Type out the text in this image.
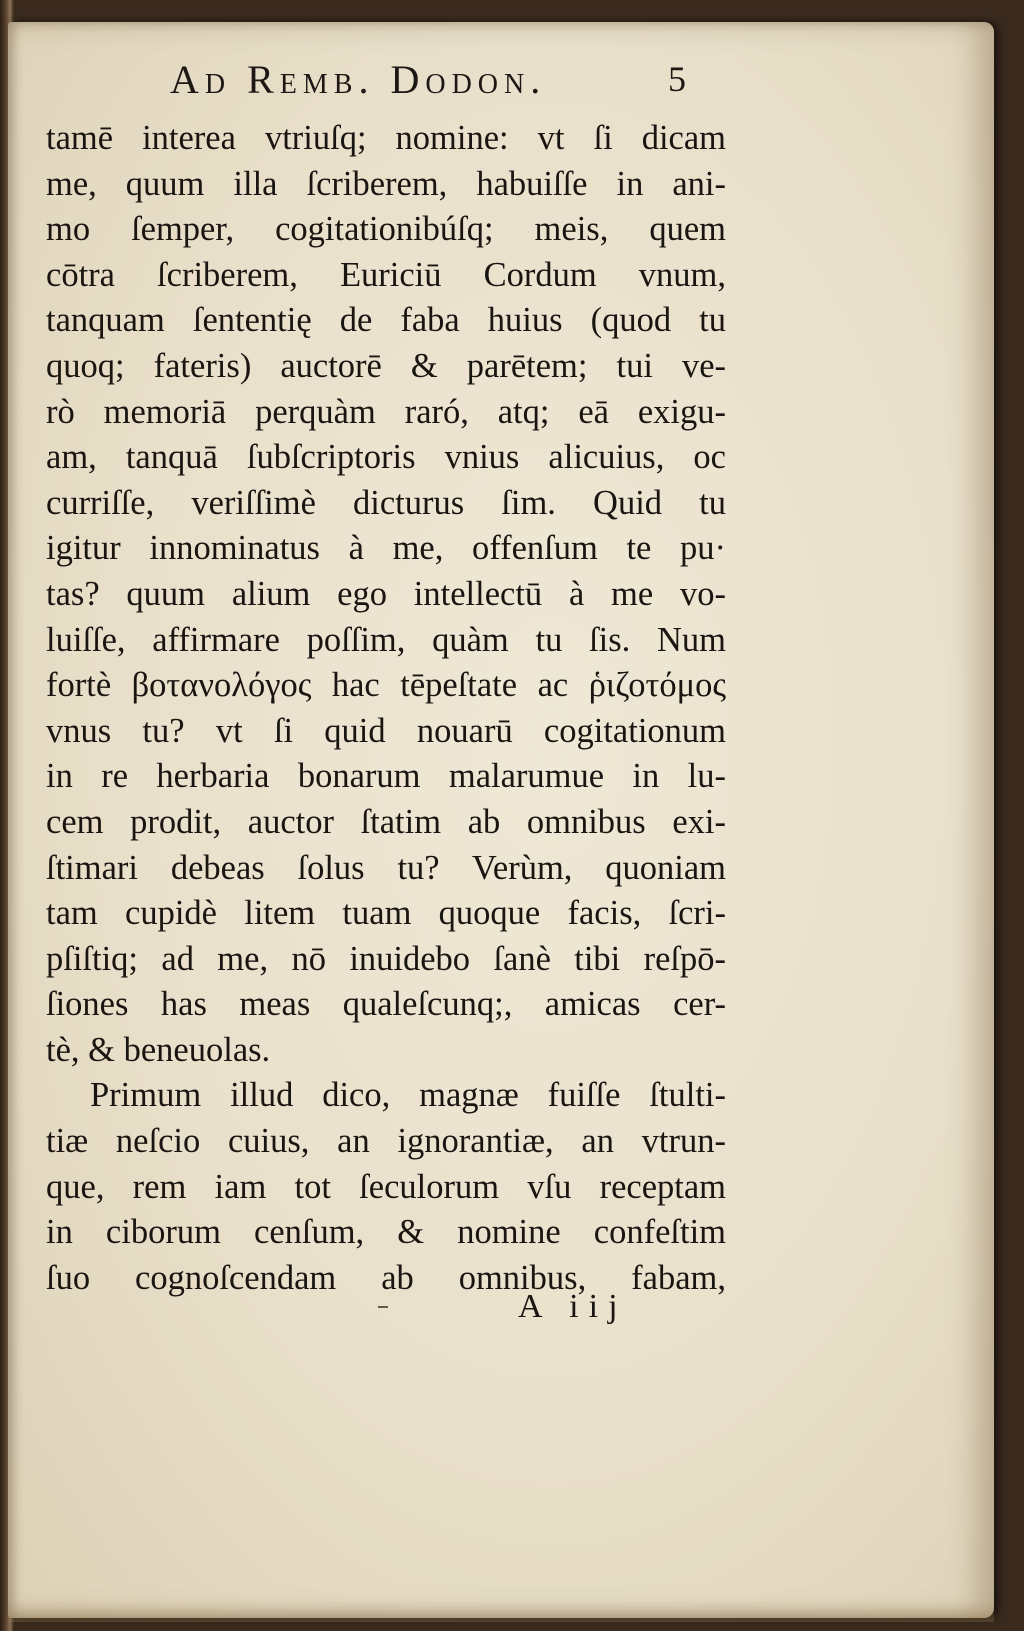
Ad Remb. Dodon.	5
tamē interea vtriuſq; nomine: vt ſi dicam
me, quum illa ſcriberem, habuiſſe in ani-
mo ſemper, cogitationibúſq; meis, quem
cōtra ſcriberem, Euriciū Cordum vnum,
tanquam ſententię de faba huius (quod tu
quoq; fateris) auctorē & parētem; tui ve-
rò memoriā perquàm raró, atq; eā exigu-
am, tanquā ſubſcriptoris vnius alicuius, oc
curriſſe, veriſſimè dicturus ſim. Quid tu
igitur innominatus à me, offenſum te pu·
tas? quum alium ego intellectū à me vo-
luiſſe, affirmare poſſim, quàm tu ſis. Num
fortè βοτανολόγος hac tēpeſtate ac ῥιζοτόμος
vnus tu? vt ſi quid nouarū cogitationum
in re herbaria bonarum malarumue in lu-
cem prodit, auctor ſtatim ab omnibus exi-
ſtimari debeas ſolus tu? Verùm, quoniam
tam cupidè litem tuam quoque facis, ſcri-
pſiſtiq; ad me, nō inuidebo ſanè tibi reſpō-
ſiones has meas qualeſcunq;, amicas cer-
tè, & beneuolas.
Primum illud dico, magnæ fuiſſe ſtulti-
tiæ neſcio cuius, an ignorantiæ, an vtrun-
que, rem iam tot ſeculorum vſu receptam
in ciborum cenſum, & nomine confeſtim
ſuo cognoſcendam ab omnibus, fabam,
A iij
